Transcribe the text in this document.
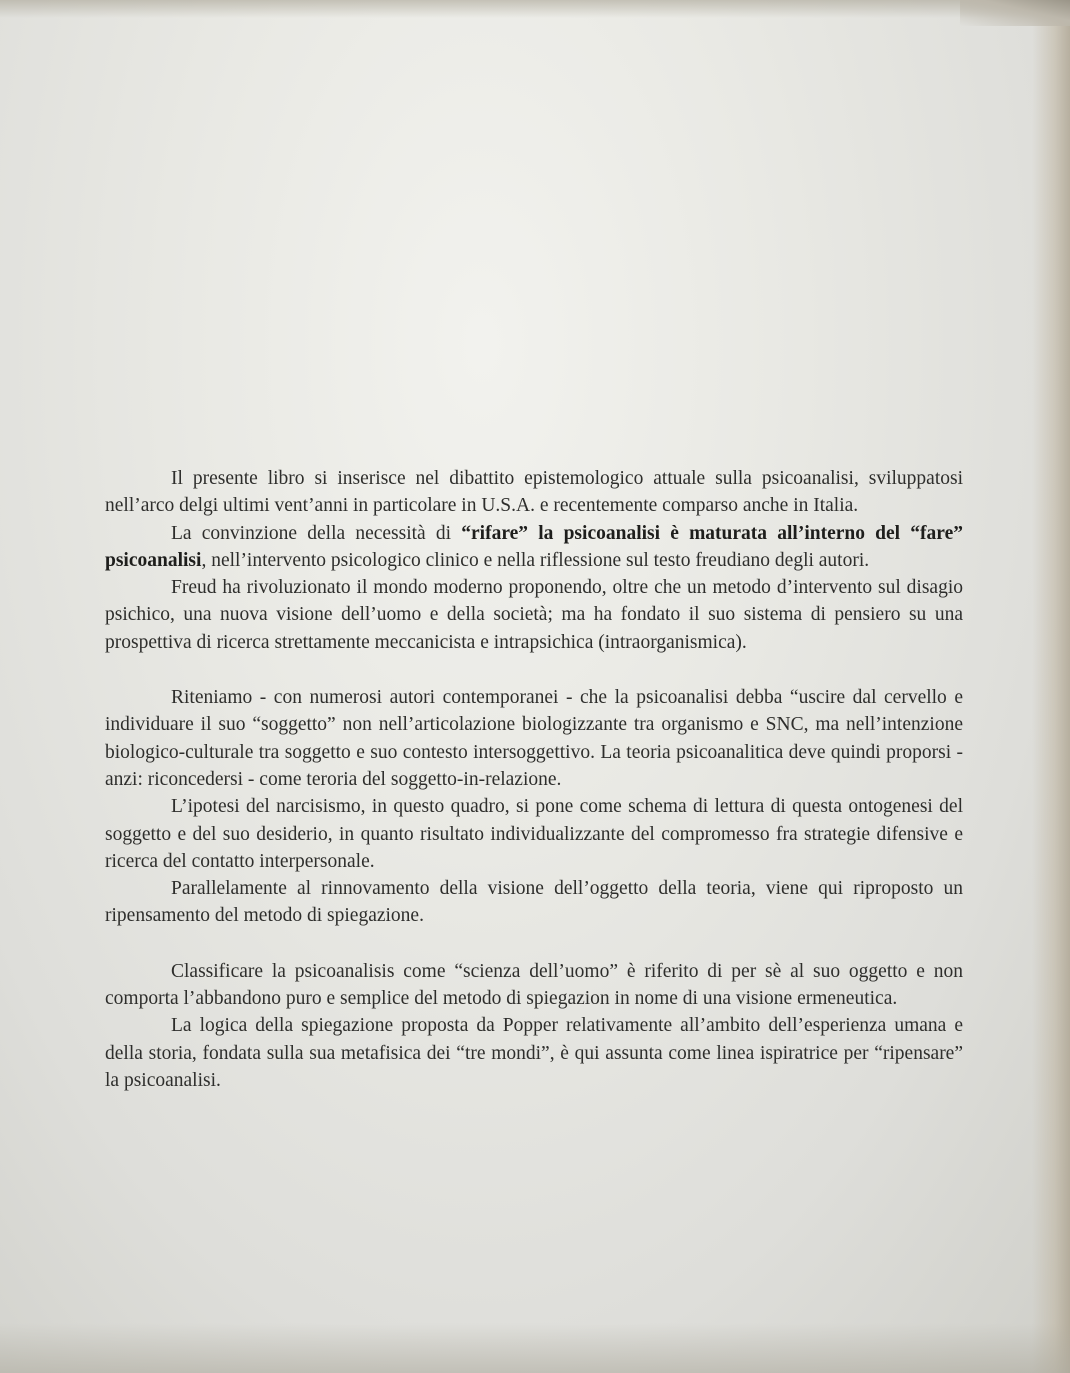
Il presente libro si inserisce nel dibattito epistemologico attuale sulla psicoanalisi, sviluppatosi nell’arco delgi ultimi vent’anni in particolare in U.S.A. e recentemente comparso anche in Italia.

La convinzione della necessità di “rifare” la psicoanalisi è maturata all’interno del “fare” psicoanalisi, nell’intervento psicologico clinico e nella riflessione sul testo freudiano degli autori.

Freud ha rivoluzionato il mondo moderno proponendo, oltre che un metodo d’intervento sul disagio psichico, una nuova visione dell’uomo e della società; ma ha fondato il suo sistema di pensiero su una prospettiva di ricerca strettamente meccanicista e intrapsichica (intraorganismica).

Riteniamo - con numerosi autori contemporanei - che la psicoanalisi debba “uscire dal cervello e individuare il suo “soggetto” non nell’articolazione biologizzante tra organismo e SNC, ma nell’intenzione biologico-culturale tra soggetto e suo contesto intersoggettivo. La teoria psicoanalitica deve quindi proporsi - anzi: riconcedersi - come teroria del soggetto-in-relazione.

L’ipotesi del narcisismo, in questo quadro, si pone come schema di lettura di questa ontogenesi del soggetto e del suo desiderio, in quanto risultato individualizzante del compromesso fra strategie difensive e ricerca del contatto interpersonale.

Parallelamente al rinnovamento della visione dell’oggetto della teoria, viene qui riproposto un ripensamento del metodo di spiegazione.

Classificare la psicoanalisis come “scienza dell’uomo” è riferito di per sè al suo oggetto e non comporta l’abbandono puro e semplice del metodo di spiegazion in nome di una visione ermeneutica.

La logica della spiegazione proposta da Popper relativamente all’ambito dell’esperienza umana e della storia, fondata sulla sua metafisica dei “tre mondi”, è qui assunta come linea ispiratrice per “ripensare” la psicoanalisi.
